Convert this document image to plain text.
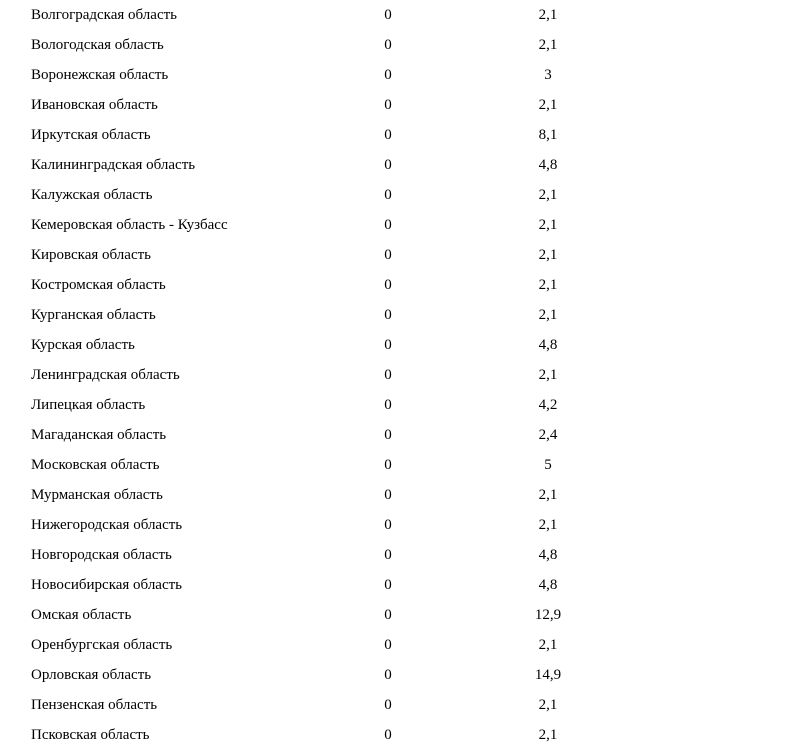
Волгоградская область	0	2,1
Вологодская область	0	2,1
Воронежская область	0	3
Ивановская область	0	2,1
Иркутская область	0	8,1
Калининградская область	0	4,8
Калужская область	0	2,1
Кемеровская область - Кузбасс	0	2,1
Кировская область	0	2,1
Костромская область	0	2,1
Курганская область	0	2,1
Курская область	0	4,8
Ленинградская область	0	2,1
Липецкая область	0	4,2
Магаданская область	0	2,4
Московская область	0	5
Мурманская область	0	2,1
Нижегородская область	0	2,1
Новгородская область	0	4,8
Новосибирская область	0	4,8
Омская область	0	12,9
Оренбургская область	0	2,1
Орловская область	0	14,9
Пензенская область	0	2,1
Псковская область	0	2,1
